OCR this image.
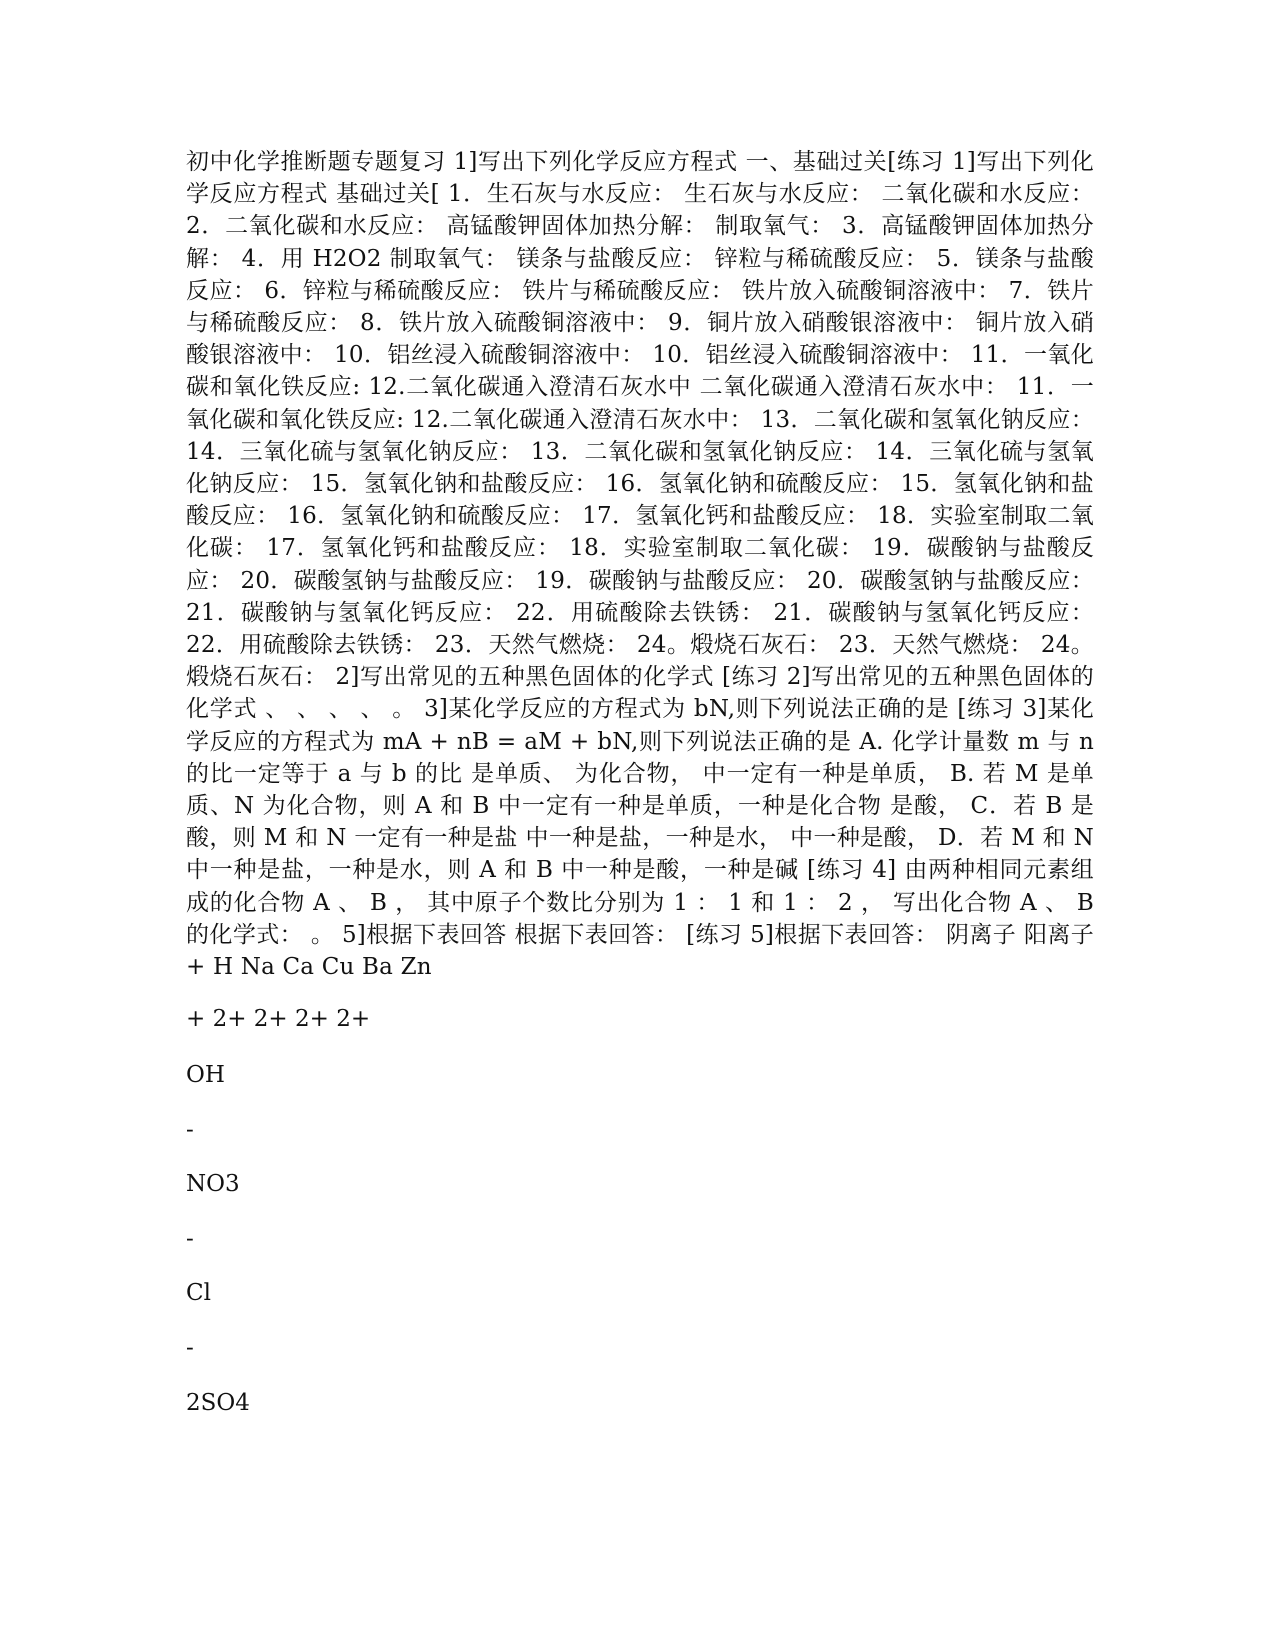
初中化学推断题专题复习 1]写出下列化学反应方程式 一、基础过关[练习 1]写出下列化学反应方程式 基础过关[ 1．生石灰与水反应： 生石灰与水反应： 二氧化碳和水反应： 2．二氧化碳和水反应： 高锰酸钾固体加热分解： 制取氧气： 3．高锰酸钾固体加热分解： 4．用 H2O2 制取氧气： 镁条与盐酸反应： 锌粒与稀硫酸反应： 5．镁条与盐酸反应： 6．锌粒与稀硫酸反应： 铁片与稀硫酸反应： 铁片放入硫酸铜溶液中： 7．铁片与稀硫酸反应： 8．铁片放入硫酸铜溶液中： 9．铜片放入硝酸银溶液中： 铜片放入硝酸银溶液中： 10．铝丝浸入硫酸铜溶液中： 10．铝丝浸入硫酸铜溶液中： 11．一氧化碳和氧化铁反应: 12.二氧化碳通入澄清石灰水中 二氧化碳通入澄清石灰水中： 11．一氧化碳和氧化铁反应: 12.二氧化碳通入澄清石灰水中： 13．二氧化碳和氢氧化钠反应： 14．三氧化硫与氢氧化钠反应： 13．二氧化碳和氢氧化钠反应： 14．三氧化硫与氢氧化钠反应： 15．氢氧化钠和盐酸反应： 16．氢氧化钠和硫酸反应： 15．氢氧化钠和盐酸反应： 16．氢氧化钠和硫酸反应： 17．氢氧化钙和盐酸反应： 18．实验室制取二氧化碳： 17．氢氧化钙和盐酸反应： 18．实验室制取二氧化碳： 19．碳酸钠与盐酸反应： 20．碳酸氢钠与盐酸反应： 19．碳酸钠与盐酸反应： 20．碳酸氢钠与盐酸反应： 21．碳酸钠与氢氧化钙反应： 22．用硫酸除去铁锈： 21．碳酸钠与氢氧化钙反应： 22．用硫酸除去铁锈： 23．天然气燃烧： 24。煅烧石灰石： 23．天然气燃烧： 24。煅烧石灰石： 2]写出常见的五种黑色固体的化学式 [练习 2]写出常见的五种黑色固体的化学式 、 、 、 、 。 3]某化学反应的方程式为 bN,则下列说法正确的是 [练习 3]某化学反应的方程式为 mA + nB = aM + bN,则下列说法正确的是 A. 化学计量数 m 与 n 的比一定等于 a 与 b 的比 是单质、 为化合物， 中一定有一种是单质， B. 若 M 是单质、N 为化合物，则 A 和 B 中一定有一种是单质，一种是化合物 是酸， C．若 B 是酸，则 M 和 N 一定有一种是盐 中一种是盐，一种是水， 中一种是酸， D．若 M 和 N 中一种是盐，一种是水，则 A 和 B 中一种是酸，一种是碱 [练习 4] 由两种相同元素组成的化合物 A 、 B ， 其中原子个数比分别为 1 ： 1 和 1 ： 2 ， 写出化合物 A 、 B 的化学式： 。 5]根据下表回答 根据下表回答： [练习 5]根据下表回答： 阴离子 阳离子 + H Na Ca Cu Ba Zn
+ 2+ 2+ 2+ 2+
OH
-
NO3
-
Cl
-
2SO4
